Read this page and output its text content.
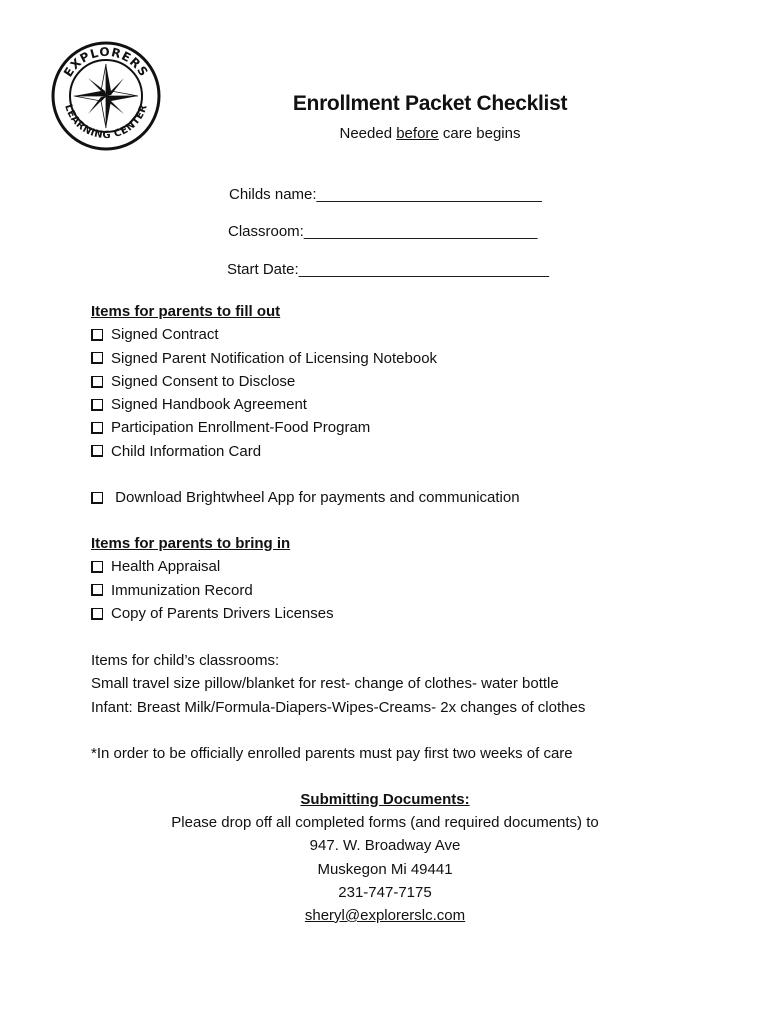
EXPLORERS
LEARNING CENTER	Enrollment Packet Checklist
Needed before care begins
Childs name:___________________________
Classroom:____________________________
Start Date:______________________________
Items for parents to fill out
Signed Contract
Signed Parent Notification of Licensing Notebook
Signed Consent to Disclose
Signed Handbook Agreement
Participation Enrollment-Food Program
Child Information Card
Download Brightwheel App for payments and communication
Items for parents to bring in
Health Appraisal
Immunization Record
Copy of Parents Drivers Licenses
Items for child’s classrooms:
Small travel size pillow/blanket for rest- change of clothes- water bottle
Infant: Breast Milk/Formula-Diapers-Wipes-Creams- 2x changes of clothes
*In order to be officially enrolled parents must pay first two weeks of care
Submitting Documents:
Please drop off all completed forms (and required documents) to
947. W. Broadway Ave
Muskegon Mi 49441
231-747-7175
sheryl@explorerslc.com
